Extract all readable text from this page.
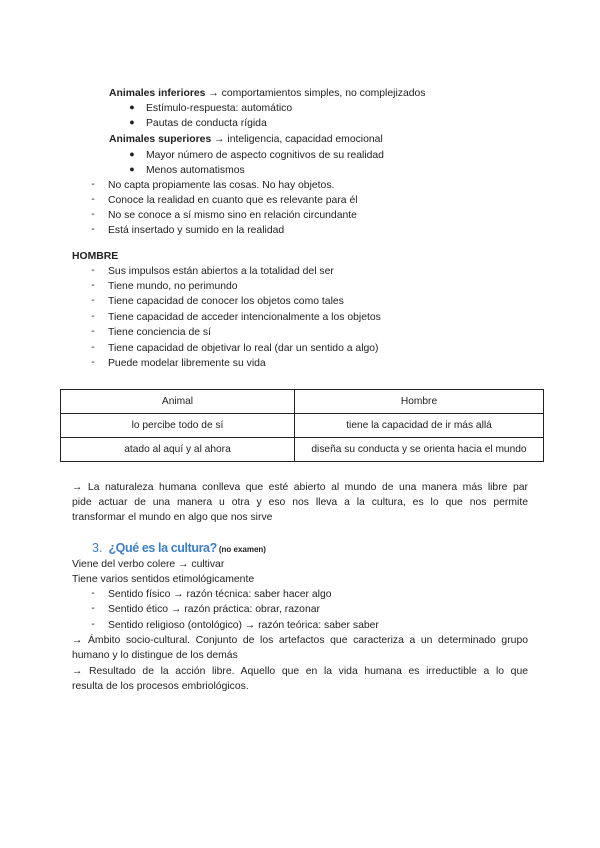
Animales inferiores → comportamientos simples, no complejizados
● Estímulo-respuesta: automático
● Pautas de conducta rígida
Animales superiores → inteligencia, capacidad emocional
● Mayor número de aspecto cognitivos de su realidad
● Menos automatismos
-	No capta propiamente las cosas. No hay objetos.
-	Conoce la realidad en cuanto que es relevante para él
-	No se conoce a sí mismo sino en relación circundante
-	Está insertado y sumido en la realidad
HOMBRE
-	Sus impulsos están abiertos a la totalidad del ser
-	Tiene mundo, no perimundo
-	Tiene capacidad de conocer los objetos como tales
-	Tiene capacidad de acceder intencionalmente a los objetos
-	Tiene conciencia de sí
-	Tiene capacidad de objetivar lo real (dar un sentido a algo)
-	Puede modelar libremente su vida
Animal	Hombre
lo percibe todo de sí	tiene la capacidad de ir más allá
atado al aquí y al ahora	diseña su conducta y se orienta hacia el mundo
→ La naturaleza humana conlleva que esté abierto al mundo de una manera más libre par
pide actuar de una manera u otra y eso nos lleva a la cultura, es lo que nos permite
transformar el mundo en algo que nos sirve
3. ¿Qué es la cultura? (no examen)
Viene del verbo colere → cultivar
Tiene varios sentidos etimológicamente
-	Sentido físico → razón técnica: saber hacer algo
-	Sentido ético → razón práctica: obrar, razonar
-	Sentido religioso (ontológico) → razón teórica: saber saber
→ Ámbito socio-cultural. Conjunto de los artefactos que caracteriza a un determinado grupo
humano y lo distingue de los demás
→ Resultado de la acción libre. Aquello que en la vida humana es irreductible a lo que
resulta de los procesos embriológicos.
